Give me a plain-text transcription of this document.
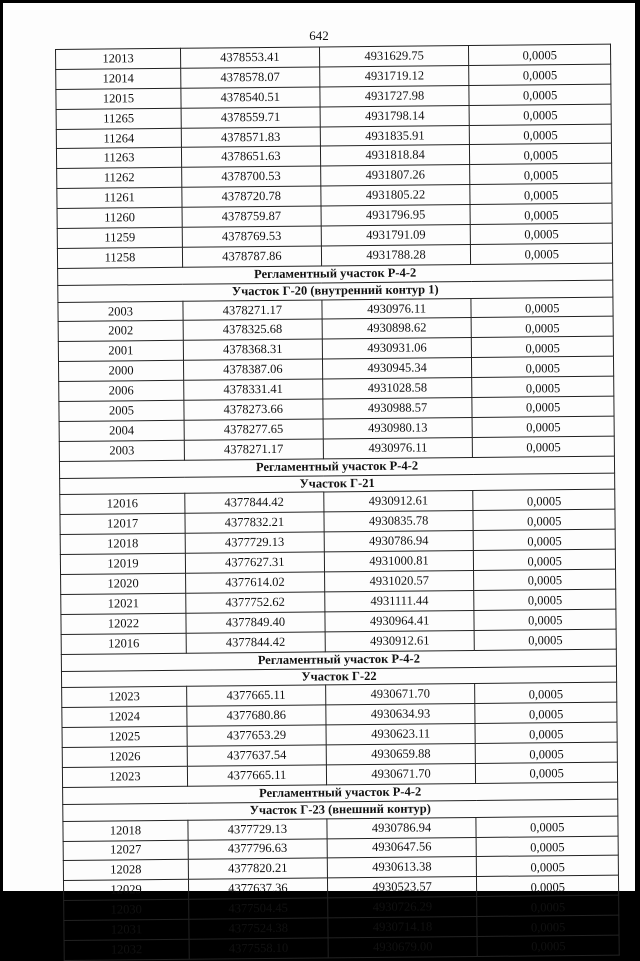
642
12013	4378553.41	4931629.75	0,0005
12014	4378578.07	4931719.12	0,0005
12015	4378540.51	4931727.98	0,0005
11265	4378559.71	4931798.14	0,0005
11264	4378571.83	4931835.91	0,0005
11263	4378651.63	4931818.84	0,0005
11262	4378700.53	4931807.26	0,0005
11261	4378720.78	4931805.22	0,0005
11260	4378759.87	4931796.95	0,0005
11259	4378769.53	4931791.09	0,0005
11258	4378787.86	4931788.28	0,0005
Регламентный участок Р-4-2			
Участок Г-20 (внутренний контур 1)			
2003	4378271.17	4930976.11	0,0005
2002	4378325.68	4930898.62	0,0005
2001	4378368.31	4930931.06	0,0005
2000	4378387.06	4930945.34	0,0005
2006	4378331.41	4931028.58	0,0005
2005	4378273.66	4930988.57	0,0005
2004	4378277.65	4930980.13	0,0005
2003	4378271.17	4930976.11	0,0005
Регламентный участок Р-4-2			
Участок Г-21			
12016	4377844.42	4930912.61	0,0005
12017	4377832.21	4930835.78	0,0005
12018	4377729.13	4930786.94	0,0005
12019	4377627.31	4931000.81	0,0005
12020	4377614.02	4931020.57	0,0005
12021	4377752.62	4931111.44	0,0005
12022	4377849.40	4930964.41	0,0005
12016	4377844.42	4930912.61	0,0005
Регламентный участок Р-4-2			
Участок Г-22			
12023	4377665.11	4930671.70	0,0005
12024	4377680.86	4930634.93	0,0005
12025	4377653.29	4930623.11	0,0005
12026	4377637.54	4930659.88	0,0005
12023	4377665.11	4930671.70	0,0005
Регламентный участок Р-4-2			
Участок Г-23 (внешний контур)			
12018	4377729.13	4930786.94	0,0005
12027	4377796.63	4930647.56	0,0005
12028	4377820.21	4930613.38	0,0005
12029	4377637.36	4930523.57	0,0005
12030	4377504.45	4930726.29	0,0005
12031	4377524.38	4930714.18	0,0005
12032	4377558.10	4930679.00	0,0005
